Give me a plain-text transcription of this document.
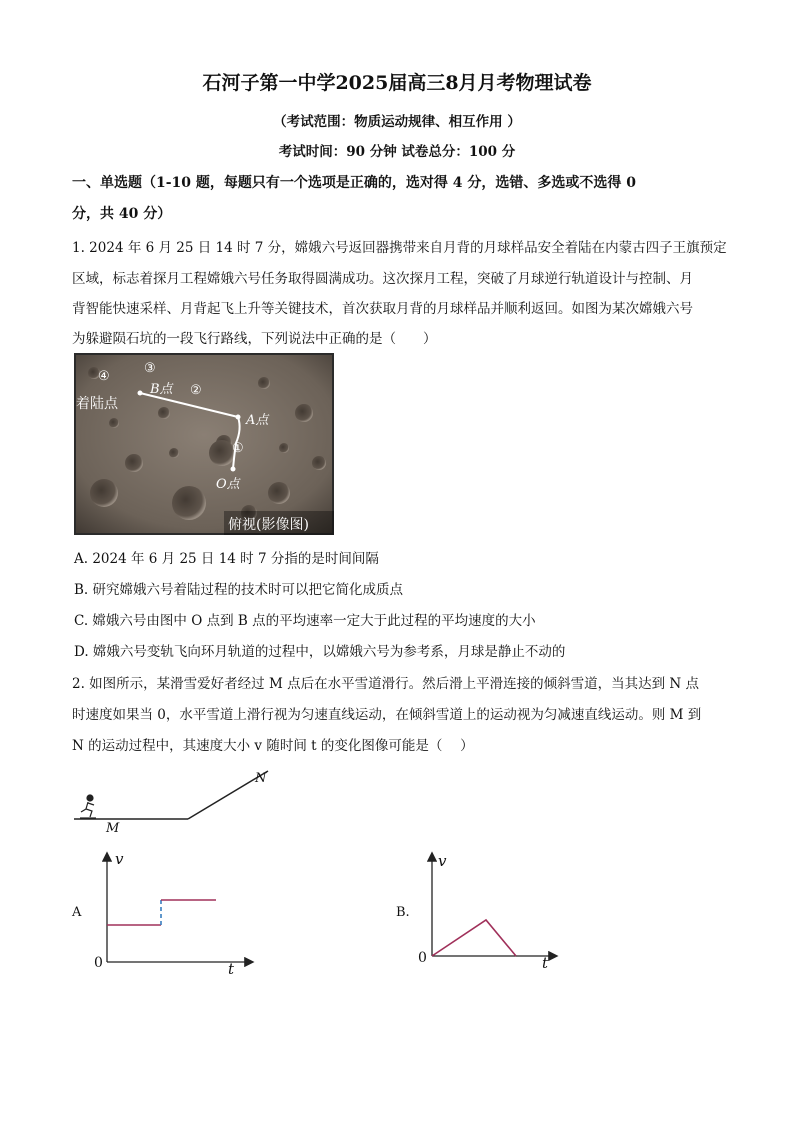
石河子第一中学2025届高三8月月考物理试卷
（考试范围：物质运动规律、相互作用 ）
考试时间：90 分钟 试卷总分：100 分
一、单选题（1-10 题，每题只有一个选项是正确的，选对得 4 分，选错、多选或不选得 0
分，共 40 分）
1. 2024 年 6 月 25 日 14 时 7 分，嫦娥六号返回器携带来自月背的月球样品安全着陆在内蒙古四子王旗预定
区域，标志着探月工程嫦娥六号任务取得圆满成功。这次探月工程，突破了月球逆行轨道设计与控制、月
背智能快速采样、月背起飞上升等关键技术，首次获取月背的月球样品并顺利返回。如图为某次嫦娥六号
为躲避陨石坑的一段飞行路线，下列说法中正确的是（　　）
④
着陆点
③
B点 ②
A点
①
O点
俯视(影像图)
A. 2024 年 6 月 25 日 14 时 7 分指的是时间间隔
B. 研究嫦娥六号着陆过程的技术时可以把它简化成质点
C. 嫦娥六号由图中 O 点到 B 点的平均速率一定大于此过程的平均速度的大小
D. 嫦娥六号变轨飞向环月轨道的过程中，以嫦娥六号为参考系，月球是静止不动的
2. 如图所示，某滑雪爱好者经过 M 点后在水平雪道滑行。然后滑上平滑连接的倾斜雪道，当其达到 N 点
时速度如果当 0，水平雪道上滑行视为匀速直线运动，在倾斜雪道上的运动视为匀减速直线运动。则 M 到
N 的运动过程中，其速度大小 v 随时间 t 的变化图像可能是（　 ）
M
N
A
v
t
0
B.
v
t
0
